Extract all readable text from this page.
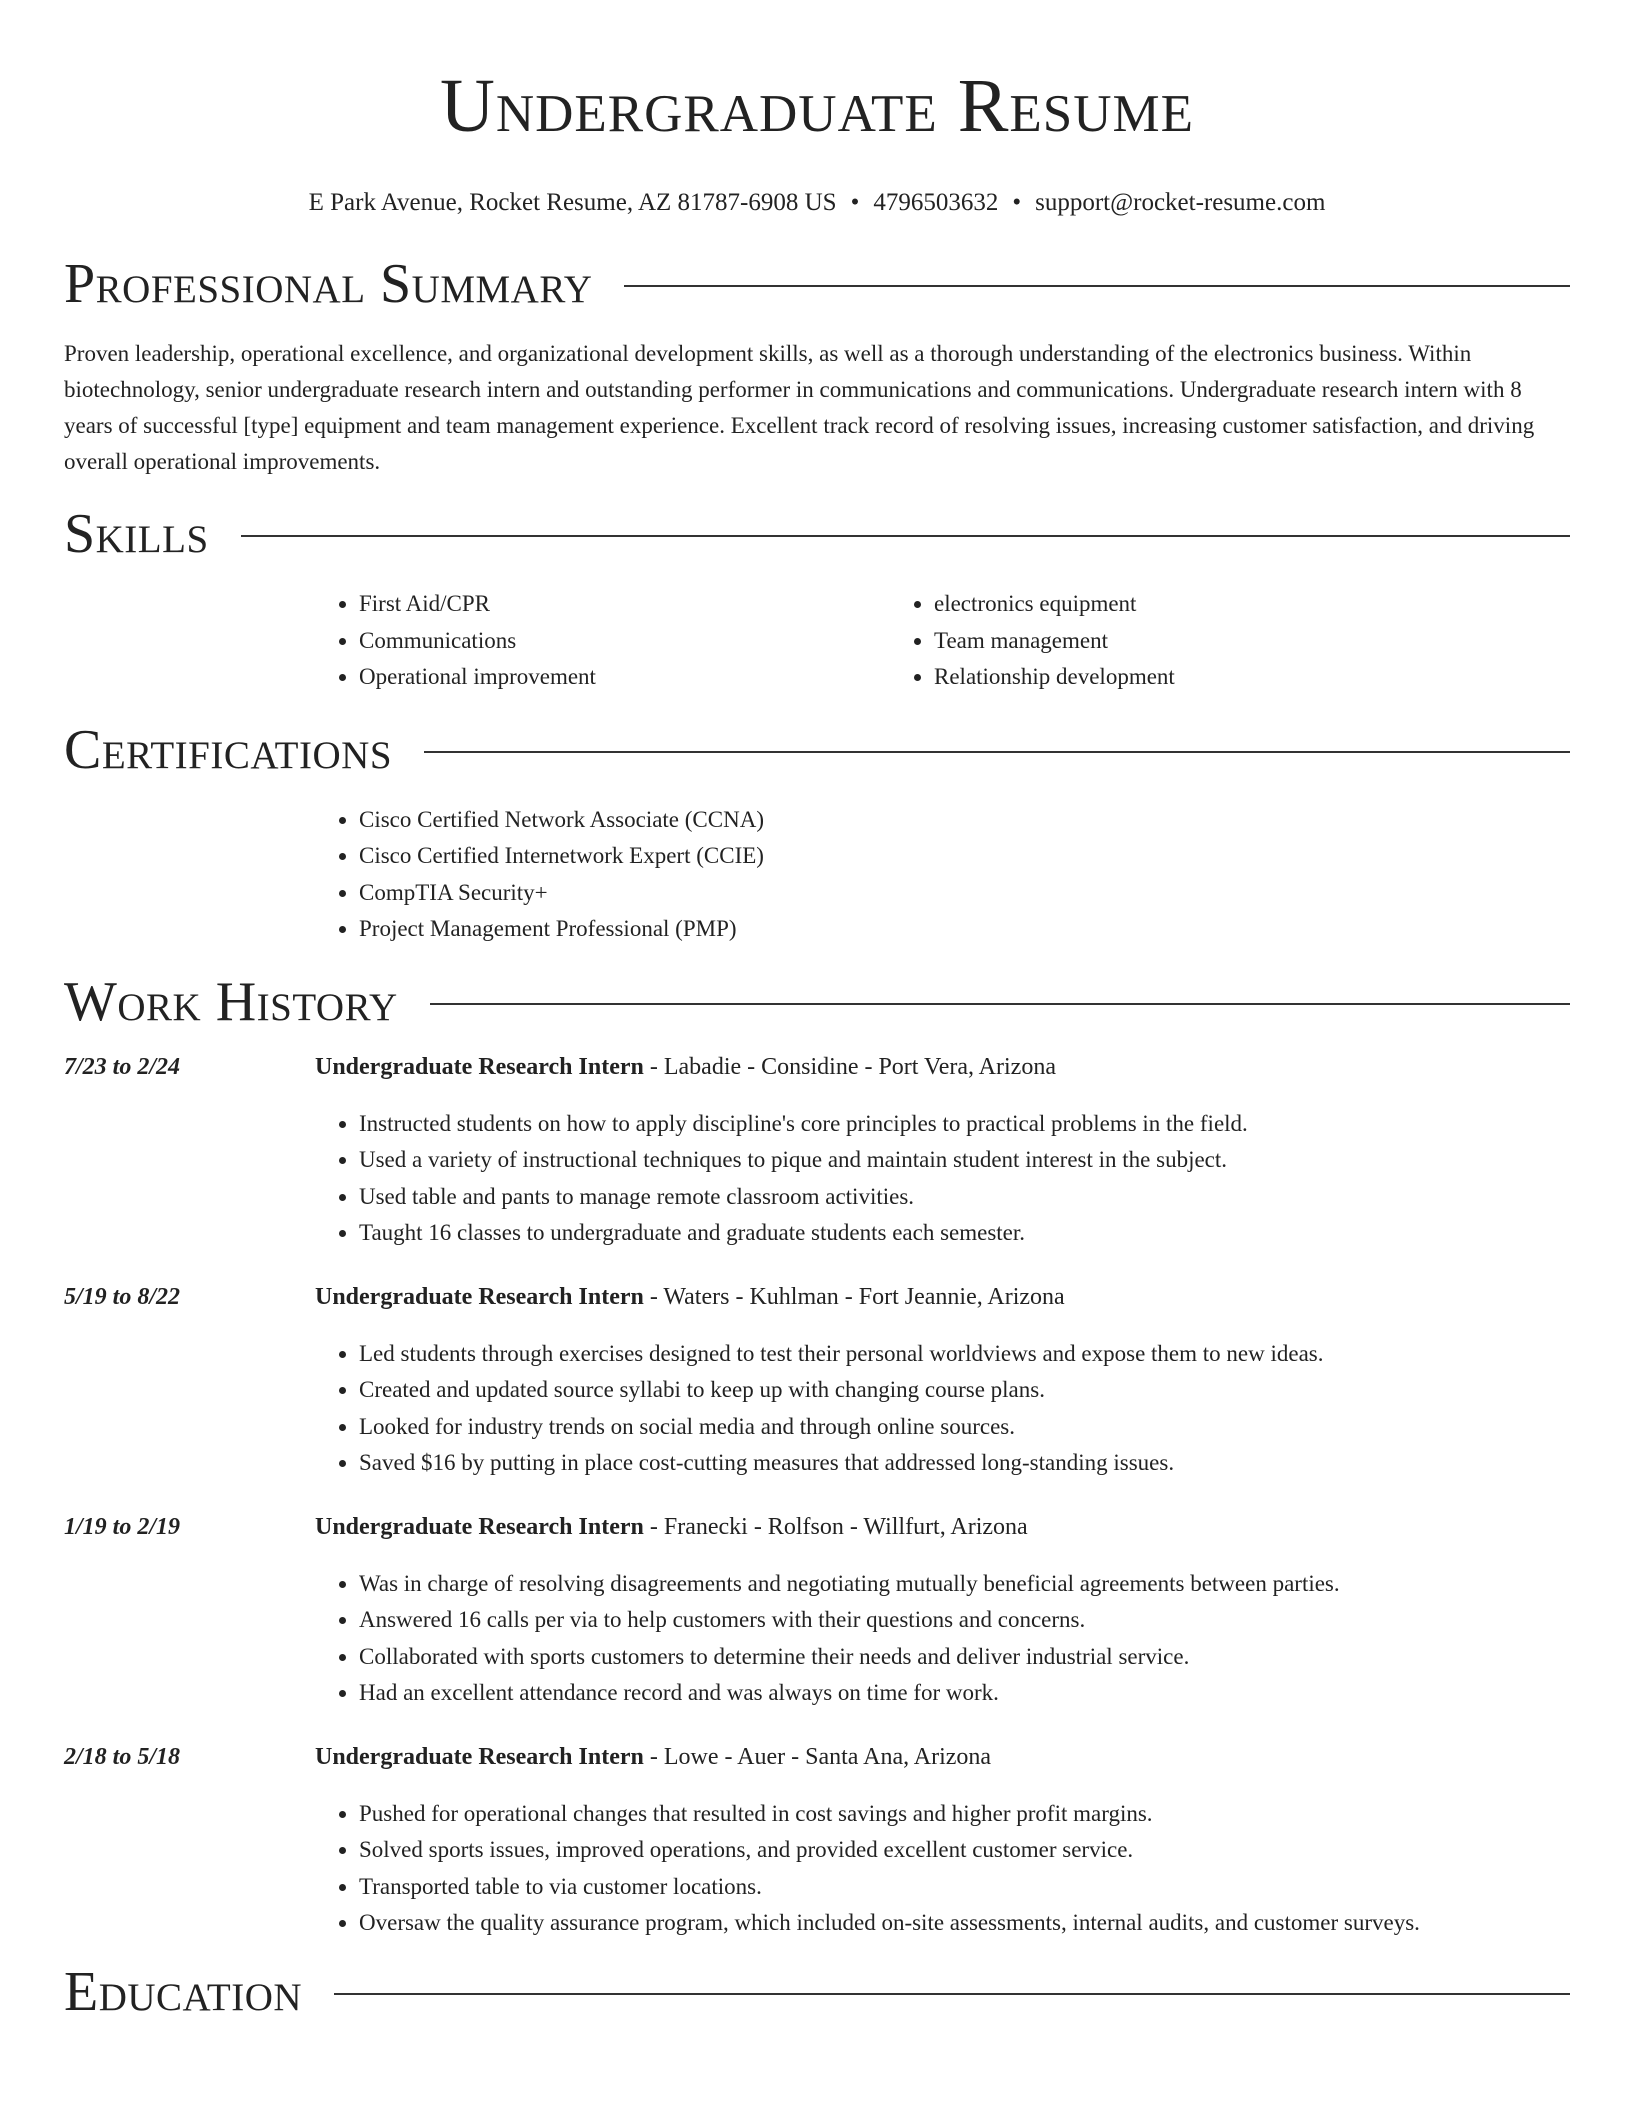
Undergraduate Resume
E Park Avenue, Rocket Resume, AZ 81787-6908 US • 4796503632 • support@rocket-resume.com
Professional Summary

Proven leadership, operational excellence, and organizational development skills, as well as a thorough understanding of the electronics business. Within biotechnology, senior undergraduate research intern and outstanding performer in communications and communications. Undergraduate research intern with 8 years of successful [type] equipment and team management experience. Excellent track record of resolving issues, increasing customer satisfaction, and driving overall operational improvements.

Skills
• First Aid/CPR
• Communications
• Operational improvement
• electronics equipment
• Team management
• Relationship development
Certifications
• Cisco Certified Network Associate (CCNA)
• Cisco Certified Internetwork Expert (CCIE)
• CompTIA Security+
• Project Management Professional (PMP)
Work History
7/23 to 2/24	Undergraduate Research Intern - Labadie - Considine - Port Vera, Arizona
• Instructed students on how to apply discipline's core principles to practical problems in the field.
• Used a variety of instructional techniques to pique and maintain student interest in the subject.
• Used table and pants to manage remote classroom activities.
• Taught 16 classes to undergraduate and graduate students each semester.
5/19 to 8/22	Undergraduate Research Intern - Waters - Kuhlman - Fort Jeannie, Arizona
• Led students through exercises designed to test their personal worldviews and expose them to new ideas.
• Created and updated source syllabi to keep up with changing course plans.
• Looked for industry trends on social media and through online sources.
• Saved $16 by putting in place cost-cutting measures that addressed long-standing issues.
1/19 to 2/19	Undergraduate Research Intern - Franecki - Rolfson - Willfurt, Arizona
• Was in charge of resolving disagreements and negotiating mutually beneficial agreements between parties.
• Answered 16 calls per via to help customers with their questions and concerns.
• Collaborated with sports customers to determine their needs and deliver industrial service.
• Had an excellent attendance record and was always on time for work.
2/18 to 5/18	Undergraduate Research Intern - Lowe - Auer - Santa Ana, Arizona
• Pushed for operational changes that resulted in cost savings and higher profit margins.
• Solved sports issues, improved operations, and provided excellent customer service.
• Transported table to via customer locations.
• Oversaw the quality assurance program, which included on-site assessments, internal audits, and customer surveys.
Education
